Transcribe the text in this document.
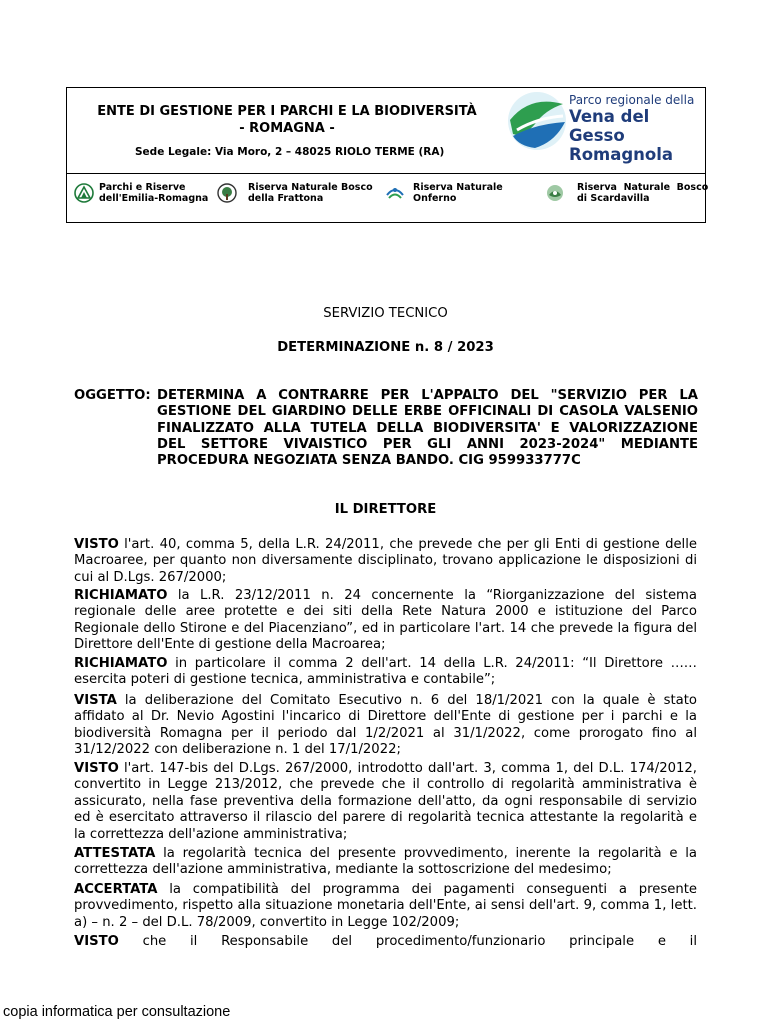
ENTE DI GESTIONE PER I PARCHI E LA BIODIVERSITÀ
- ROMAGNA -
Sede Legale: Via Moro, 2 – 48025 RIOLO TERME (RA)
Parco regionale della
Vena del Gesso
Romagnola
Parchi e Riserve
dell'Emilia-Romagna
Riserva Naturale Bosco
della Frattona
Riserva Naturale
Onferno
Riserva  Naturale  Bosco
di Scardavilla
SERVIZIO TECNICO
DETERMINAZIONE n. 8 / 2023
OGGETTO: DETERMINA A CONTRARRE PER L'APPALTO DEL "SERVIZIO PER LA GESTIONE DEL GIARDINO DELLE ERBE OFFICINALI DI CASOLA VALSENIO FINALIZZATO ALLA TUTELA DELLA BIODIVERSITA' E VALORIZZAZIONE DEL SETTORE VIVAISTICO PER GLI ANNI 2023-2024" MEDIANTE PROCEDURA NEGOZIATA SENZA BANDO. CIG 959933777C
IL DIRETTORE

VISTO l'art. 40, comma 5, della L.R. 24/2011, che prevede che per gli Enti di gestione delle Macroaree, per quanto non diversamente disciplinato, trovano applicazione le disposizioni di cui al D.Lgs. 267/2000;

RICHIAMATO la L.R. 23/12/2011 n. 24 concernente la “Riorganizzazione del sistema regionale delle aree protette e dei siti della Rete Natura 2000 e istituzione del Parco Regionale dello Stirone e del Piacenziano”, ed in particolare l'art. 14 che prevede la figura del Direttore dell'Ente di gestione della Macroarea;

RICHIAMATO in particolare il comma 2 dell'art. 14 della L.R. 24/2011: “Il Direttore …… esercita poteri di gestione tecnica, amministrativa e contabile”;

VISTA la deliberazione del Comitato Esecutivo n. 6 del 18/1/2021 con la quale è stato affidato al Dr. Nevio Agostini l'incarico di Direttore dell'Ente di gestione per i parchi e la biodiversità Romagna per il periodo dal 1/2/2021 al 31/1/2022, come prorogato fino al 31/12/2022 con deliberazione n. 1 del 17/1/2022;

VISTO l'art. 147-bis del D.Lgs. 267/2000, introdotto dall'art. 3, comma 1, del D.L. 174/2012, convertito in Legge 213/2012, che prevede che il controllo di regolarità amministrativa è assicurato, nella fase preventiva della formazione dell'atto, da ogni responsabile di servizio ed è esercitato attraverso il rilascio del parere di regolarità tecnica attestante la regolarità e la correttezza dell'azione amministrativa;

ATTESTATA la regolarità tecnica del presente provvedimento, inerente la regolarità e la correttezza dell'azione amministrativa, mediante la sottoscrizione del medesimo;

ACCERTATA la compatibilità del programma dei pagamenti conseguenti a presente provvedimento, rispetto alla situazione monetaria dell'Ente, ai sensi dell'art. 9, comma 1, lett. a) – n. 2 – del D.L. 78/2009, convertito in Legge 102/2009;

VISTO che il Responsabile del procedimento/funzionario principale e il

copia informatica per consultazione
